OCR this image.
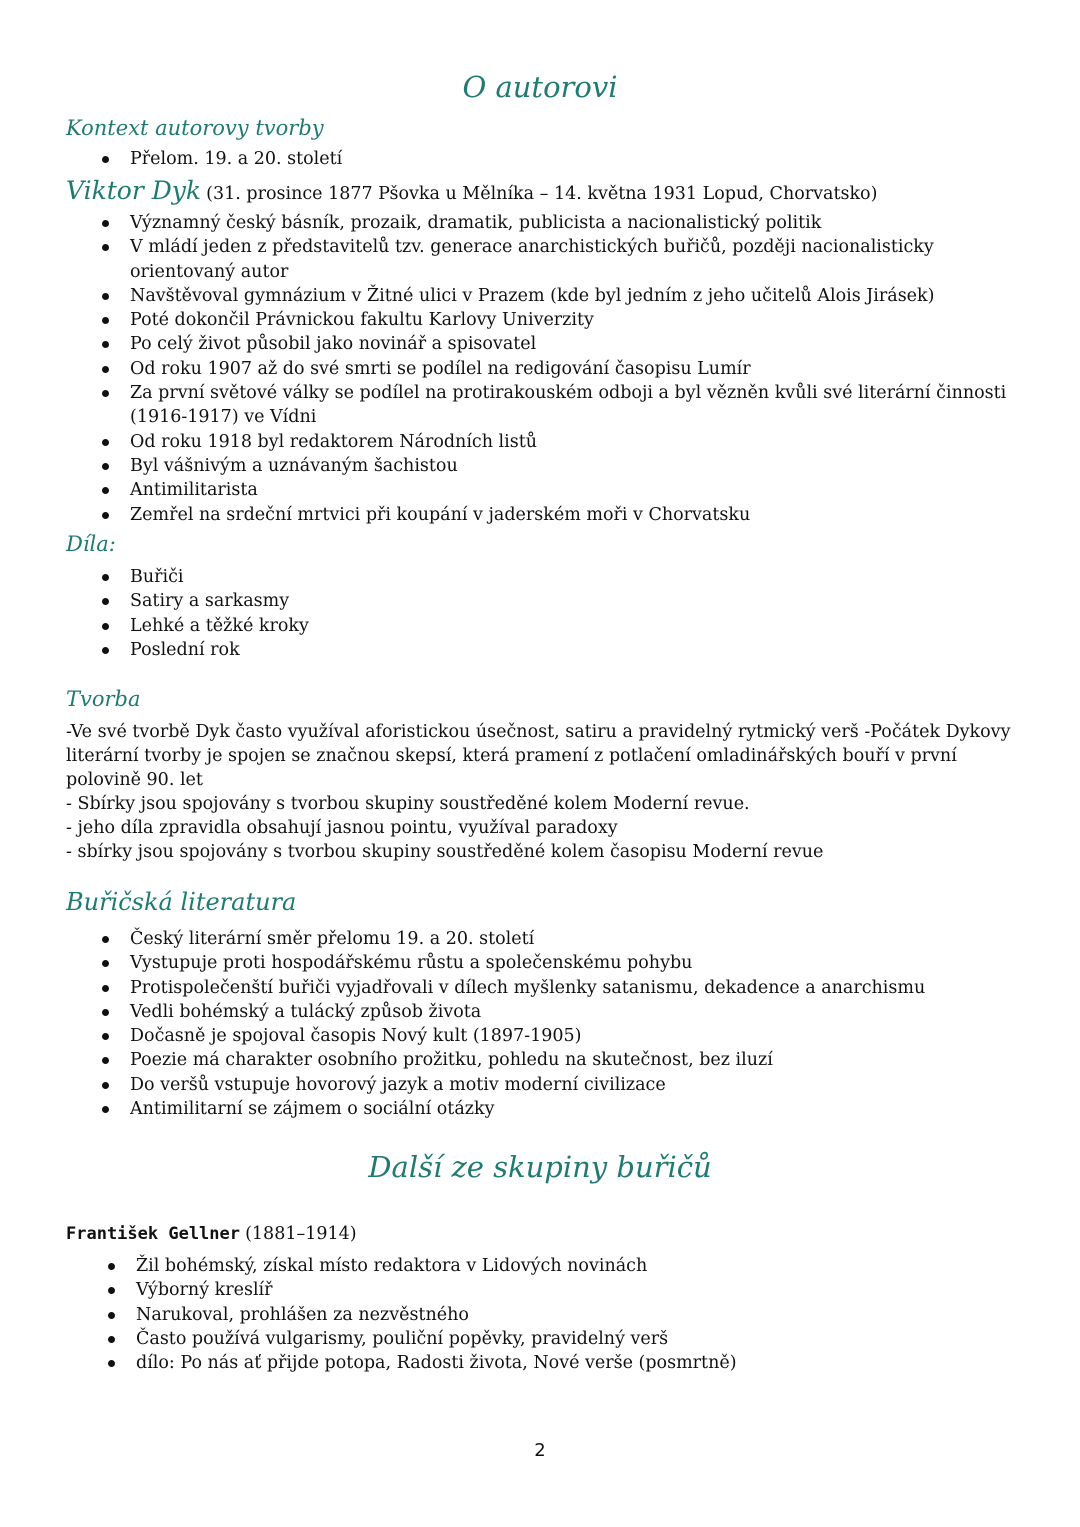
O autorovi
Kontext autorovy tvorby
Přelom. 19. a 20. století
Viktor Dyk (31. prosince 1877 Pšovka u Mělníka – 14. května 1931 Lopud, Chorvatsko)
Významný český básník, prozaik, dramatik, publicista a nacionalistický politik
V mládí jeden z představitelů tzv. generace anarchistických buřičů, později nacionalisticky orientovaný autor
Navštěvoval gymnázium v Žitné ulici v Prazem (kde byl jedním z jeho učitelů Alois Jirásek)
Poté dokončil Právnickou fakultu Karlovy Univerzity
Po celý život působil jako novinář a spisovatel
Od roku 1907 až do své smrti se podílel na redigování časopisu Lumír
Za první světové války se podílel na protirakouském odboji a byl vězněn kvůli své literární činnosti (1916-1917) ve Vídni
Od roku 1918 byl redaktorem Národních listů
Byl vášnivým a uznávaným šachistou
Antimilitarista
Zemřel na srdeční mrtvici při koupání v jaderském moři v Chorvatsku
Díla:
Buřiči
Satiry a sarkasmy
Lehké a těžké kroky
Poslední rok
Tvorba
-Ve své tvorbě Dyk často využíval aforistickou úsečnost, satiru a pravidelný rytmický verš -Počátek Dykovy literární tvorby je spojen se značnou skepsí, která pramení z potlačení omladinářských bouří v první polovině 90. let
- Sbírky jsou spojovány s tvorbou skupiny soustředěné kolem Moderní revue.
- jeho díla zpravidla obsahují jasnou pointu, využíval paradoxy
- sbírky jsou spojovány s tvorbou skupiny soustředěné kolem časopisu Moderní revue
Buřičská literatura
Český literární směr přelomu 19. a 20. století
Vystupuje proti hospodářskému růstu a společenskému pohybu
Protispolečenští buřiči vyjadřovali v dílech myšlenky satanismu, dekadence a anarchismu
Vedli bohémský a tulácký způsob života
Dočasně je spojoval časopis Nový kult (1897-1905)
Poezie má charakter osobního prožitku, pohledu na skutečnost, bez iluzí
Do veršů vstupuje hovorový jazyk a motiv moderní civilizace
Antimilitarní se zájmem o sociální otázky
Další ze skupiny buřičů
František Gellner (1881–1914)
Žil bohémský, získal místo redaktora v Lidových novinách
Výborný kreslíř
Narukoval, prohlášen za nezvěstného
Často používá vulgarismy, pouliční popěvky, pravidelný verš
dílo: Po nás ať přijde potopa, Radosti života, Nové verše (posmrtně)
2
